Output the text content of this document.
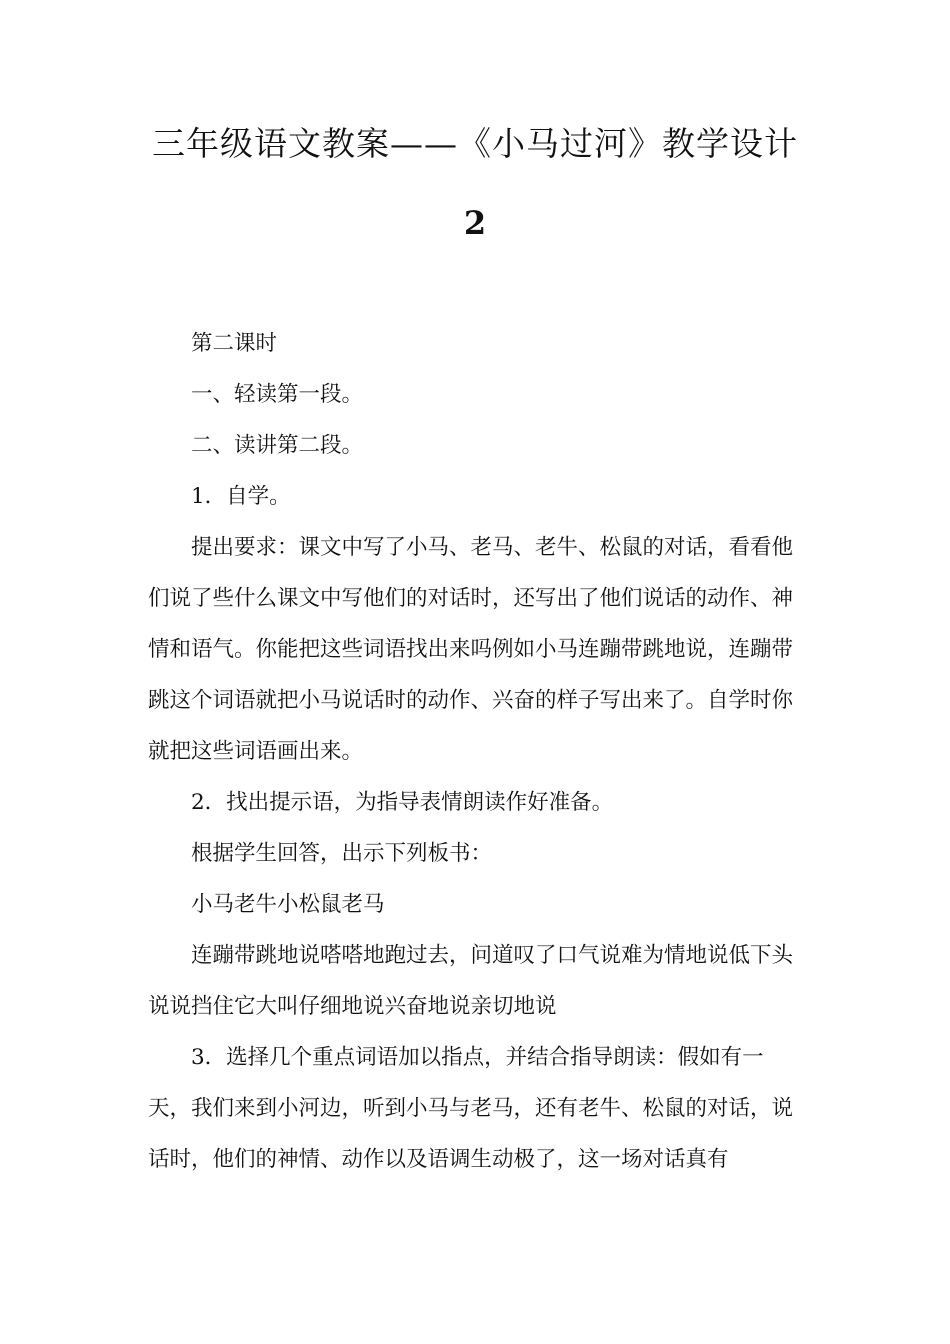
三年级语文教案——《小马过河》教学设计
2

第二课时

一、轻读第一段。

二、读讲第二段。

1．自学。

提出要求：课文中写了小马、老马、老牛、松鼠的对话，看看他们说了些什么课文中写他们的对话时，还写出了他们说话的动作、神情和语气。你能把这些词语找出来吗例如小马连蹦带跳地说，连蹦带跳这个词语就把小马说话时的动作、兴奋的样子写出来了。自学时你就把这些词语画出来。

2．找出提示语，为指导表情朗读作好准备。

根据学生回答，出示下列板书：

小马老牛小松鼠老马

连蹦带跳地说嗒嗒地跑过去，问道叹了口气说难为情地说低下头说说挡住它大叫仔细地说兴奋地说亲切地说

3．选择几个重点词语加以指点，并结合指导朗读：假如有一天，我们来到小河边，听到小马与老马，还有老牛、松鼠的对话，说话时，他们的神情、动作以及语调生动极了，这一场对话真有
